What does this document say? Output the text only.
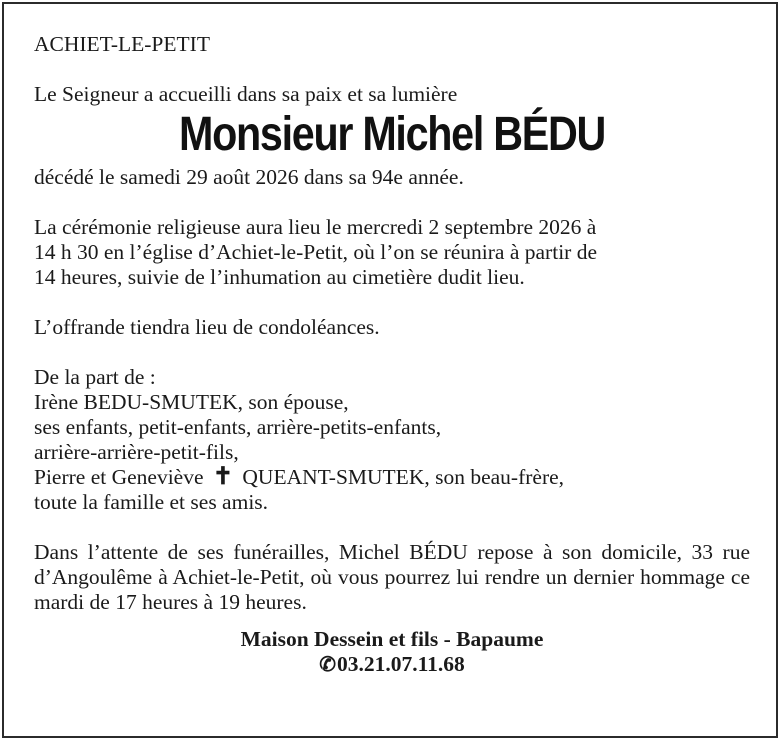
ACHIET-LE-PETIT
Le Seigneur a accueilli dans sa paix et sa lumière
Monsieur Michel BÉDU
décédé le samedi 29 août 2026 dans sa 94e année.
La cérémonie religieuse aura lieu le mercredi 2 septembre 2026 à
14 h 30 en l’église d’Achiet-le-Petit, où l’on se réunira à partir de
14 heures, suivie de l’inhumation au cimetière dudit lieu.
L’offrande tiendra lieu de condoléances.
De la part de :
Irène BEDU-SMUTEK, son épouse,
ses enfants, petit-enfants, arrière-petits-enfants,
arrière-arrière-petit-fils,
Pierre et Geneviève ✝ QUEANT-SMUTEK, son beau-frère,
toute la famille et ses amis.
Dans l’attente de ses funérailles, Michel BÉDU repose à son domicile, 33 rue d’Angoulême à Achiet-le-Petit, où vous pourrez lui rendre un dernier hommage ce mardi de 17 heures à 19 heures.
Maison Dessein et fils - Bapaume
✆03.21.07.11.68
